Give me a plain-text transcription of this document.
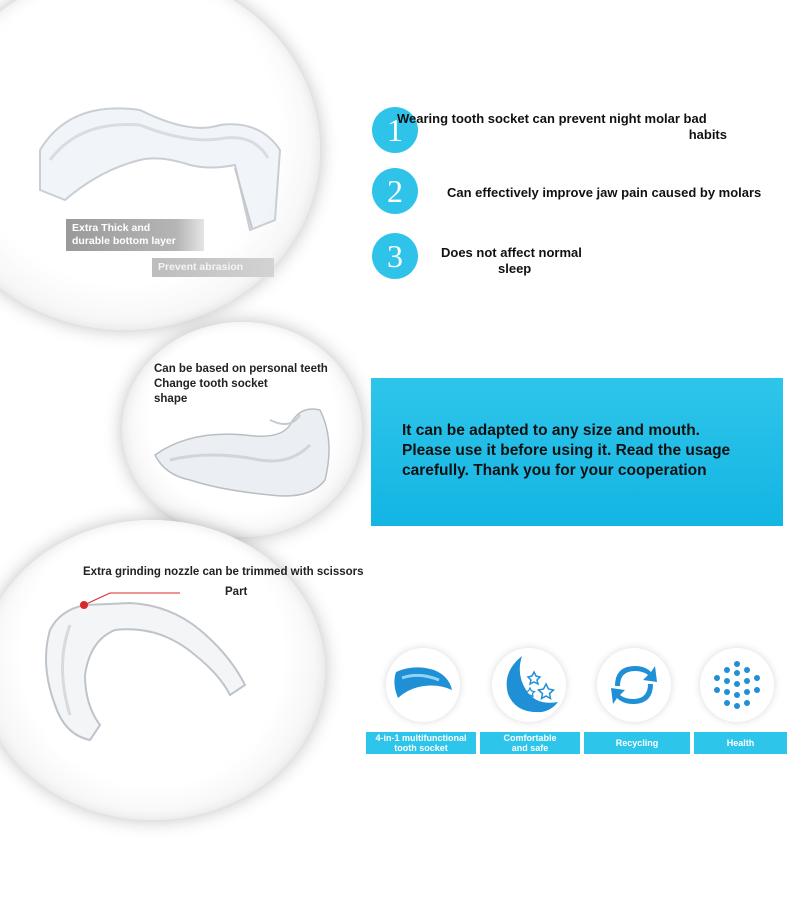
Extra Thick and
durable bottom layer
Prevent abrasion
Can be based on personal teeth
Change tooth socket
shape
Extra grinding nozzle can be trimmed with scissors
Part
1
Wearing tooth socket can prevent night molar bad
habits
2	Can effectively improve jaw pain caused by molars
3	Does not affect normal
sleep
It can be adapted to any size and mouth.
Please use it before using it. Read the usage
carefully. Thank you for your cooperation
4-in-1 multifunctional
tooth socket
Comfortable
and safe	Recycling	Health
